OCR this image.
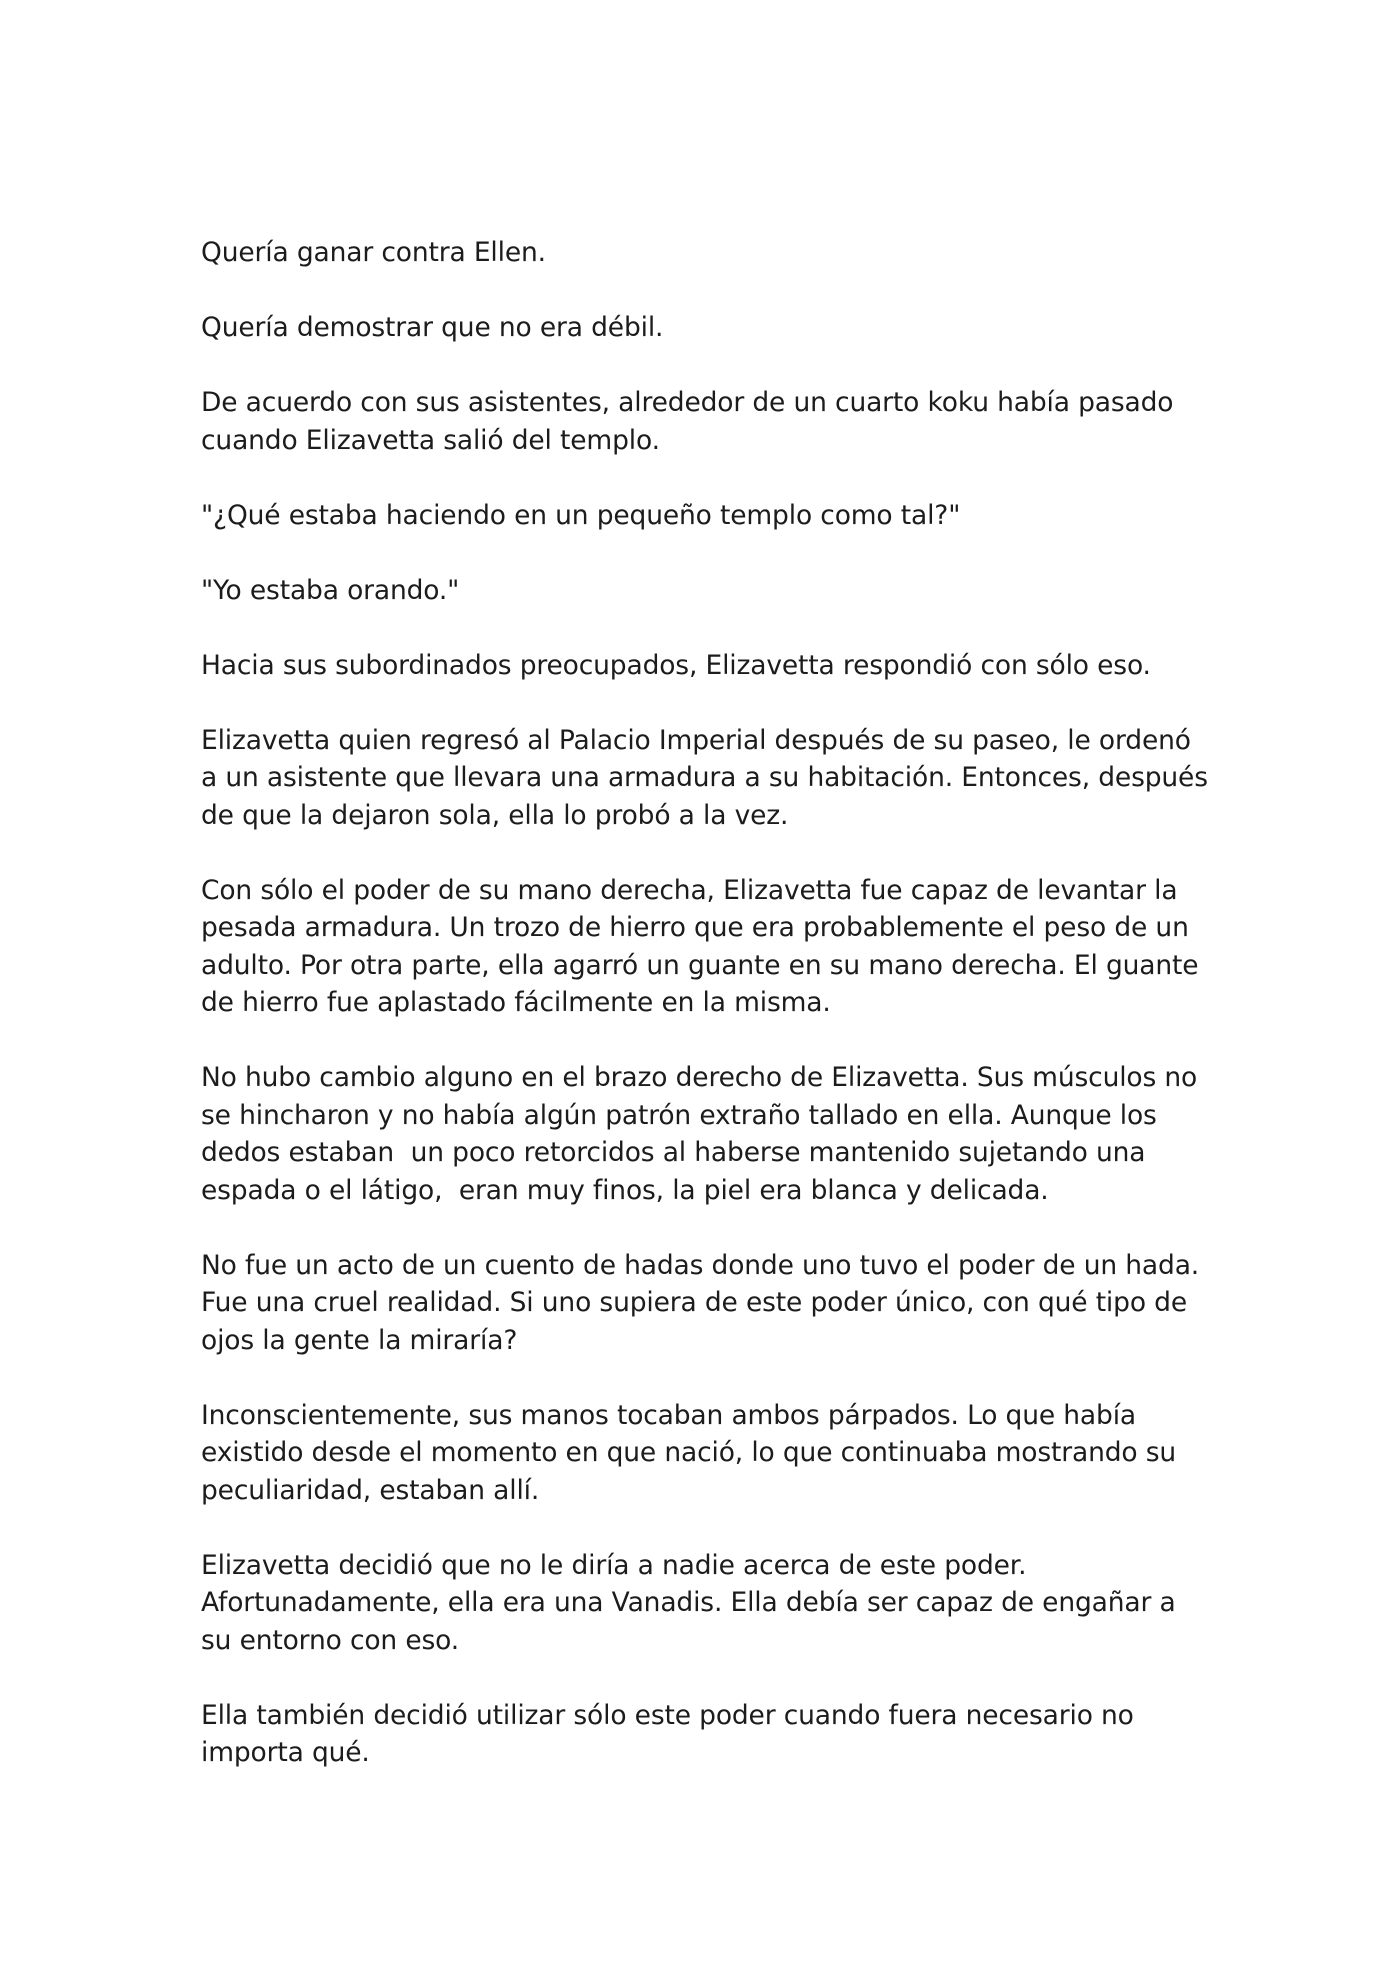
Quería ganar contra Ellen.

Quería demostrar que no era débil.

De acuerdo con sus asistentes, alrededor de un cuarto koku había pasado cuando Elizavetta salió del templo.

"¿Qué estaba haciendo en un pequeño templo como tal?"

"Yo estaba orando."

Hacia sus subordinados preocupados, Elizavetta respondió con sólo eso.

Elizavetta quien regresó al Palacio Imperial después de su paseo, le ordenó a un asistente que llevara una armadura a su habitación. Entonces, después de que la dejaron sola, ella lo probó a la vez.

Con sólo el poder de su mano derecha, Elizavetta fue capaz de levantar la pesada armadura. Un trozo de hierro que era probablemente el peso de un adulto. Por otra parte, ella agarró un guante en su mano derecha. El guante de hierro fue aplastado fácilmente en la misma.

No hubo cambio alguno en el brazo derecho de Elizavetta. Sus músculos no se hincharon y no había algún patrón extraño tallado en ella. Aunque los dedos estaban  un poco retorcidos al haberse mantenido sujetando una espada o el látigo,  eran muy finos, la piel era blanca y delicada.

No fue un acto de un cuento de hadas donde uno tuvo el poder de un hada. Fue una cruel realidad. Si uno supiera de este poder único, con qué tipo de ojos la gente la miraría?

Inconscientemente, sus manos tocaban ambos párpados. Lo que había existido desde el momento en que nació, lo que continuaba mostrando su peculiaridad, estaban allí.

Elizavetta decidió que no le diría a nadie acerca de este poder. Afortunadamente, ella era una Vanadis. Ella debía ser capaz de engañar a su entorno con eso.

Ella también decidió utilizar sólo este poder cuando fuera necesario no importa qué.
